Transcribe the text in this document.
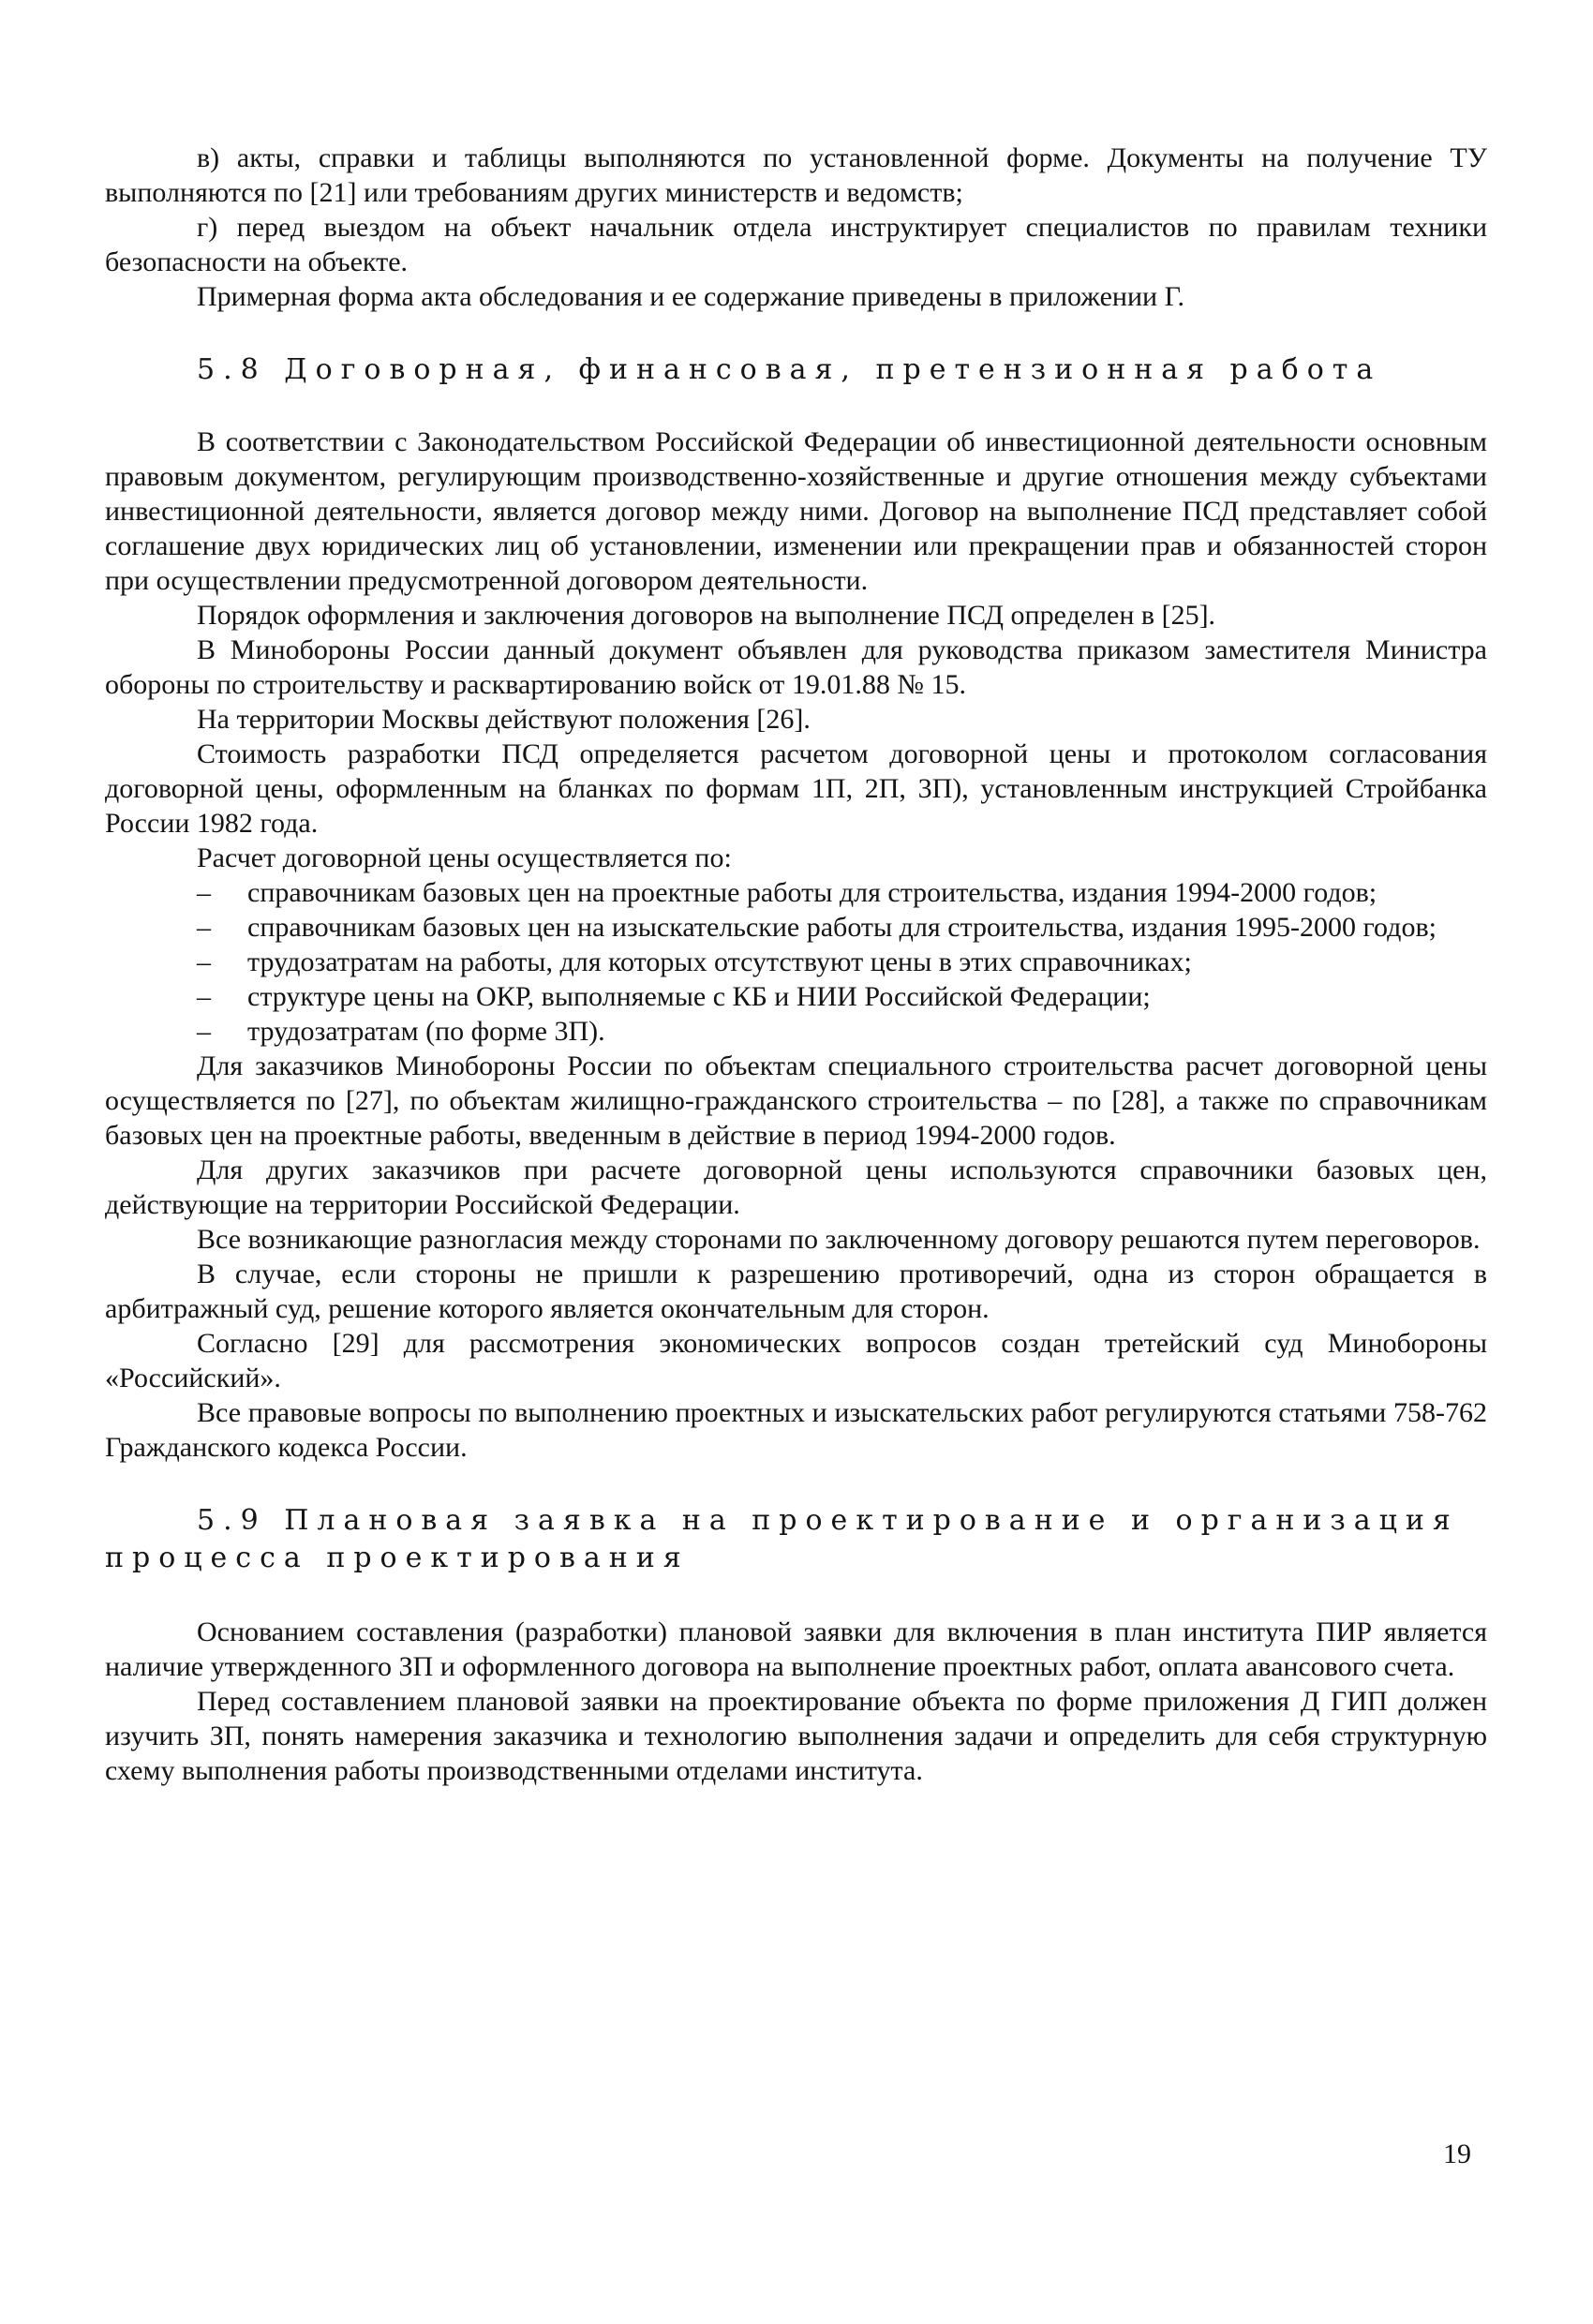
в) акты, справки и таблицы выполняются по установленной форме. Документы на получение ТУ выполняются по [21] или требованиям других министерств и ведомств;

г) перед выездом на объект начальник отдела инструктирует специалистов по правилам техники безопасности на объекте.

Примерная форма акта обследования и ее содержание приведены в приложении Г.

5.8 Договорная, финансовая, претензионная работа

В соответствии с Законодательством Российской Федерации об инвестиционной деятельности основным правовым документом, регулирующим производственно-хозяйственные и другие отношения между субъектами инвестиционной деятельности, является договор между ними. Договор на выполнение ПСД представляет собой соглашение двух юридических лиц об установлении, изменении или прекращении прав и обязанностей сторон при осуществлении предусмотренной договором деятельности.

Порядок оформления и заключения договоров на выполнение ПСД определен в [25].

В Минобороны России данный документ объявлен для руководства приказом заместителя Министра обороны по строительству и расквартированию войск от 19.01.88 № 15.

На территории Москвы действуют положения [26].

Стоимость разработки ПСД определяется расчетом договорной цены и протоколом согласования договорной цены, оформленным на бланках по формам 1П, 2П, 3П), установленным инструкцией Стройбанка России 1982 года.

Расчет договорной цены осуществляется по:

– справочникам базовых цен на проектные работы для строительства, издания 1994-2000 годов;
– справочникам базовых цен на изыскательские работы для строительства, издания 1995-2000 годов;
– трудозатратам на работы, для которых отсутствуют цены в этих справочниках;
– структуре цены на ОКР, выполняемые с КБ и НИИ Российской Федерации;
– трудозатратам (по форме 3П).

Для заказчиков Минобороны России по объектам специального строительства расчет договорной цены осуществляется по [27], по объектам жилищно-гражданского строительства – по [28], а также по справочникам базовых цен на проектные работы, введенным в действие в период 1994-2000 годов.

Для других заказчиков при расчете договорной цены используются справочники базовых цен, действующие на территории Российской Федерации.

Все возникающие разногласия между сторонами по заключенному договору решаются путем переговоров.

В случае, если стороны не пришли к разрешению противоречий, одна из сторон обращается в арбитражный суд, решение которого является окончательным для сторон.

Согласно [29] для рассмотрения экономических вопросов создан третейский суд Минобороны «Российский».

Все правовые вопросы по выполнению проектных и изыскательских работ регулируются статьями 758-762 Гражданского кодекса России.

5.9 Плановая заявка на проектирование и организация процесса проектирования

Основанием составления (разработки) плановой заявки для включения в план института ПИР является наличие утвержденного ЗП и оформленного договора на выполнение проектных работ, оплата авансового счета.

Перед составлением плановой заявки на проектирование объекта по форме приложения Д ГИП должен изучить ЗП, понять намерения заказчика и технологию выполнения задачи и определить для себя структурную схему выполнения работы производственными отделами института.

19
